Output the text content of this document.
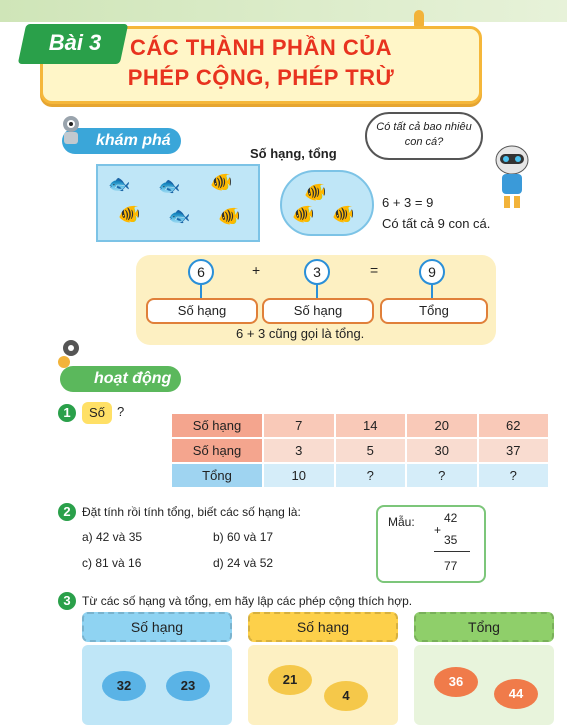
Bài 3	CÁC THÀNH PHẦN CỦA
PHÉP CỘNG, PHÉP TRỪ
khám phá
Số hạng, tổng
🐟 🐟 🐠
🐠 🐟 🐠
🐠
🐠 🐠
Có tất cả bao nhiêu con cá?
6 + 3 = 9
Có tất cả 9 con cá.
6	+	3	=	9
Số hạng	Số hạng	Tổng
6 + 3 cũng gọi là tổng.
hoạt động
1	Số ?
Số hạng	7	14	20	62
Số hạng	3	5	30	37
Tổng	10	?	?	?
2 Đặt tính rồi tính tổng, biết các số hạng là:
a) 42 và 35	b) 60 và 17
c) 81 và 16	d) 24 và 52
Mẫu: 42
+
35
77
3 Từ các số hạng và tổng, em hãy lập các phép cộng thích hợp.
Số hạng
32	23
Số hạng
21
4
Tổng
36
44
